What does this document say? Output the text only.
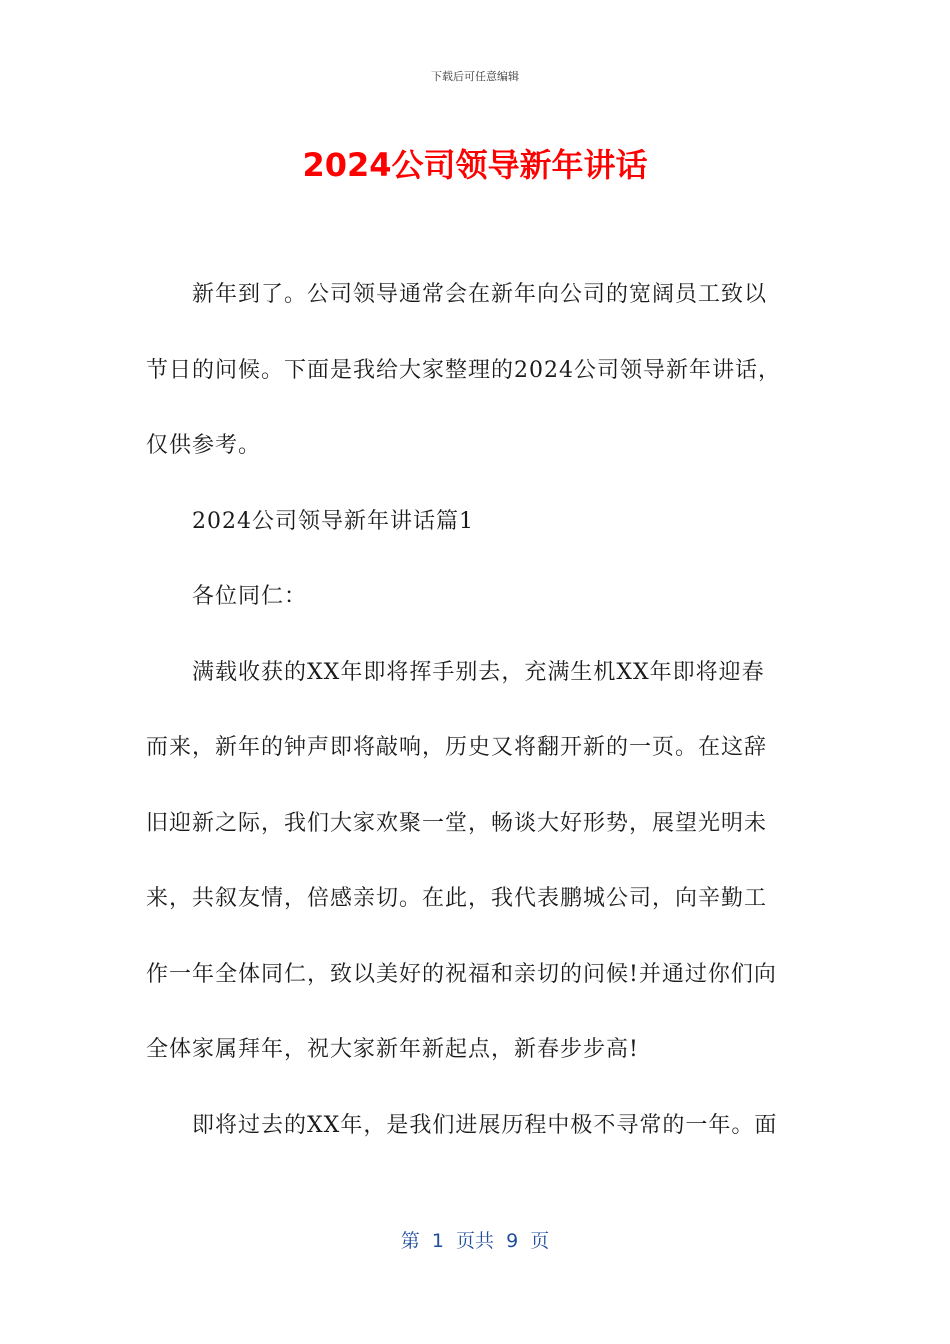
下载后可任意编辑
2024公司领导新年讲话
新年到了。公司领导通常会在新年向公司的宽阔员工致以
节日的问候。下面是我给大家整理的2024公司领导新年讲话，
仅供参考。
2024公司领导新年讲话篇1
各位同仁：
满载收获的XX年即将挥手别去，充满生机XX年即将迎春
而来，新年的钟声即将敲响，历史又将翻开新的一页。在这辞
旧迎新之际，我们大家欢聚一堂，畅谈大好形势，展望光明未
来，共叙友情，倍感亲切。在此，我代表鹏城公司，向辛勤工
作一年全体同仁，致以美好的祝福和亲切的问候!并通过你们向
全体家属拜年，祝大家新年新起点，新春步步高!
即将过去的XX年，是我们进展历程中极不寻常的一年。面
第  1  页共  9  页
